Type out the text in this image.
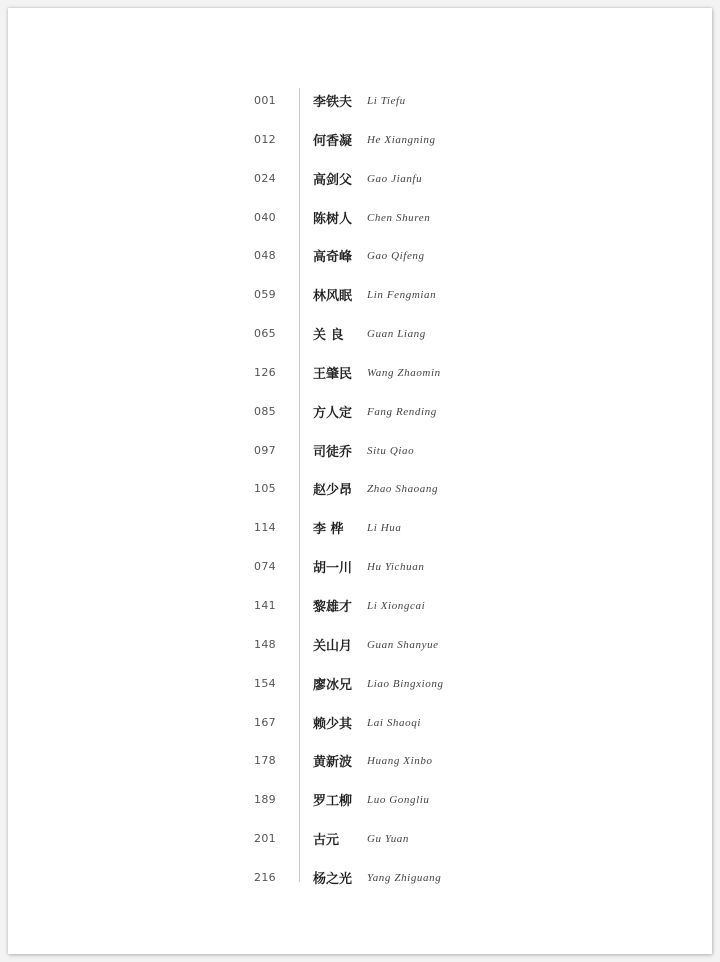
001	李铁夫	Li Tiefu
012	何香凝	He Xiangning
024	高剑父	Gao Jianfu
040	陈树人	Chen Shuren
048	高奇峰	Gao Qifeng
059	林风眠	Lin Fengmian
065	关 良	Guan Liang
126	王肇民	Wang Zhaomin
085	方人定	Fang Rending
097	司徒乔	Situ Qiao
105	赵少昂	Zhao Shaoang
114	李 桦	Li Hua
074	胡一川	Hu Yichuan
141	黎雄才	Li Xiongcai
148	关山月	Guan Shanyue
154	廖冰兄	Liao Bingxiong
167	赖少其	Lai Shaoqi
178	黄新波	Huang Xinbo
189	罗工柳	Luo Gongliu
201	古元	Gu Yuan
216	杨之光	Yang Zhiguang
